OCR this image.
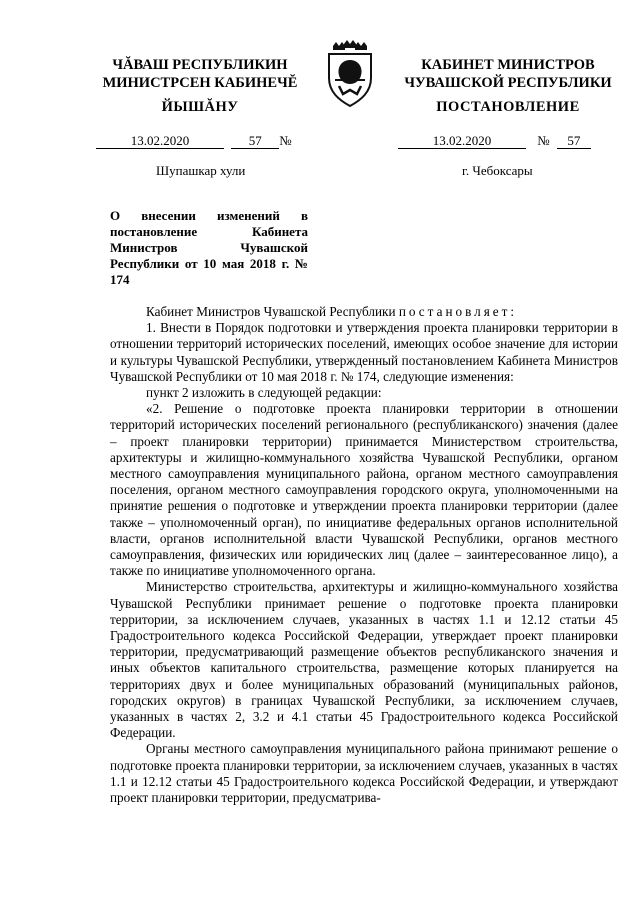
ЧĂВАШ РЕСПУБЛИКИН
МИНИСТРСЕН КАБИНЕЧĔ
КАБИНЕТ МИНИСТРОВ
ЧУВАШСКОЙ РЕСПУБЛИКИ
ЙЫШĂНУ	ПОСТАНОВЛЕНИЕ
13.02.2020	57 №	13.02.2020	№ 57
Шупашкар хули	г. Чебоксары
О внесении изменений в постановление Кабинета Министров Чувашской Республики от 10 мая 2018 г. № 174

Кабинет Министров Чувашской Республики постановляет:

1. Внести в Порядок подготовки и утверждения проекта планировки территории в отношении территорий исторических поселений, имеющих особое значение для истории и культуры Чувашской Республики, утвержденный постановлением Кабинета Министров Чувашской Республики от 10 мая 2018 г. № 174, следующие изменения:

пункт 2 изложить в следующей редакции:

«2. Решение о подготовке проекта планировки территории в отношении территорий исторических поселений регионального (республиканского) значения (далее – проект планировки территории) принимается Министерством строительства, архитектуры и жилищно-коммунального хозяйства Чувашской Республики, органом местного самоуправления муниципального района, органом местного самоуправления поселения, органом местного самоуправления городского округа, уполномоченными на принятие решения о подготовке и утверждении проекта планировки территории (далее также – уполномоченный орган), по инициативе федеральных органов исполнительной власти, органов исполнительной власти Чувашской Республики, органов местного самоуправления, физических или юридических лиц (далее – заинтересованное лицо), а также по инициативе уполномоченного органа.

Министерство строительства, архитектуры и жилищно-коммунального хозяйства Чувашской Республики принимает решение о подготовке проекта планировки территории, за исключением случаев, указанных в частях 1.1 и 12.12 статьи 45 Градостроительного кодекса Российской Федерации, утверждает проект планировки территории, предусматривающий размещение объектов республиканского значения и иных объектов капитального строительства, размещение которых планируется на территориях двух и более муниципальных образований (муниципальных районов, городских округов) в границах Чувашской Республики, за исключением случаев, указанных в частях 2, 3.2 и 4.1 статьи 45 Градостроительного кодекса Российской Федерации.

Органы местного самоуправления муниципального района принимают решение о подготовке проекта планировки территории, за исключением случаев, указанных в частях 1.1 и 12.12 статьи 45 Градостроительного кодекса Российской Федерации, и утверждают проект планировки территории, предусматрива-
